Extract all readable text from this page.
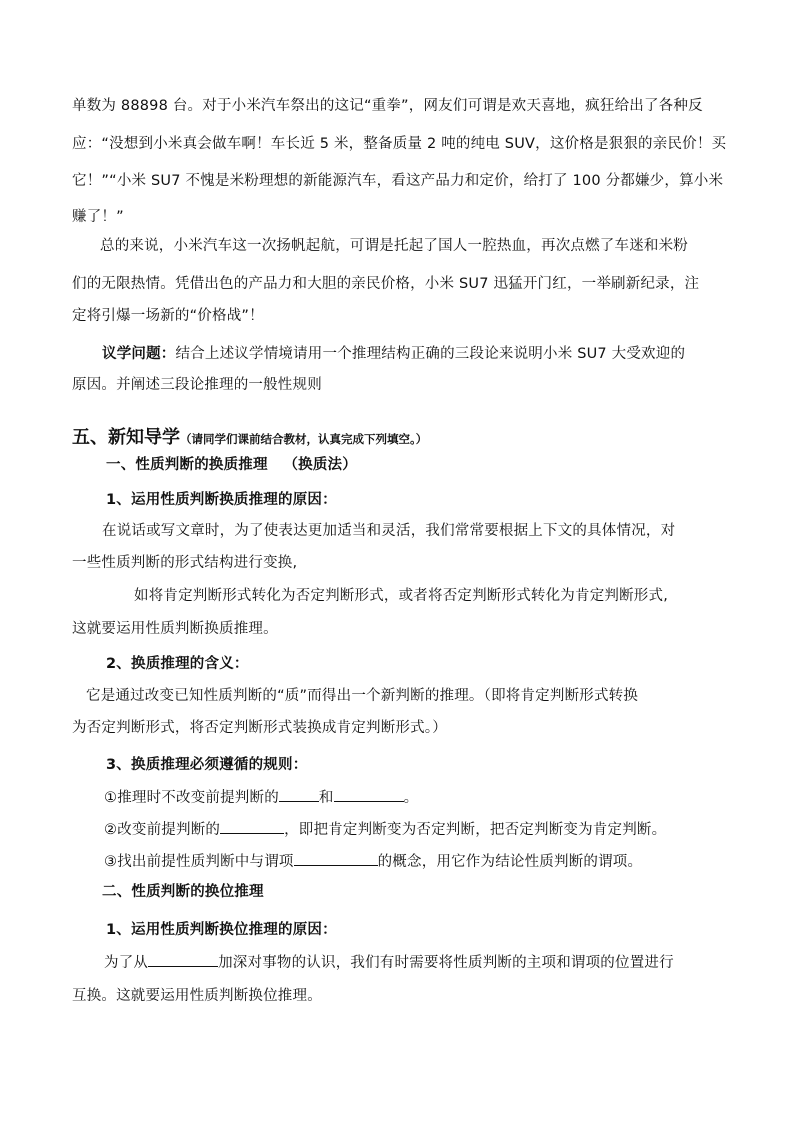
单数为 88898 台。对于小米汽车祭出的这记“重拳”，网友们可谓是欢天喜地，疯狂给出了各种反
应：“没想到小米真会做车啊！车长近 5 米，整备质量 2 吨的纯电 SUV，这价格是狠狠的亲民价！买
它！”“小米 SU7 不愧是米粉理想的新能源汽车，看这产品力和定价，给打了 100 分都嫌少，算小米
赚了！”
总的来说，小米汽车这一次扬帆起航，可谓是托起了国人一腔热血，再次点燃了车迷和米粉
们的无限热情。凭借出色的产品力和大胆的亲民价格，小米 SU7 迅猛开门红，一举刷新纪录，注
定将引爆一场新的“价格战”！
议学问题：结合上述议学情境请用一个推理结构正确的三段论来说明小米 SU7 大受欢迎的
原因。并阐述三段论推理的一般性规则
五、新知导学（请同学们课前结合教材，认真完成下列填空。）
一、性质判断的换质推理 （换质法）
1、运用性质判断换质推理的原因：
在说话或写文章时，为了使表达更加适当和灵活，我们常常要根据上下文的具体情况，对
一些性质判断的形式结构进行变换,
如将肯定判断形式转化为否定判断形式，或者将否定判断形式转化为肯定判断形式,
这就要运用性质判断换质推理。
2、换质推理的含义：
它是通过改变已知性质判断的“质”而得出一个新判断的推理。（即将肯定判断形式转换
为否定判断形式，将否定判断形式装换成肯定判断形式。）
3、换质推理必须遵循的规则：
①推理时不改变前提判断的	和	。
②改变前提判断的	，即把肯定判断变为否定判断，把否定判断变为肯定判断。
③找出前提性质判断中与谓项	的概念，用它作为结论性质判断的谓项。
二、性质判断的换位推理
1、运用性质判断换位推理的原因：
为了从	加深对事物的认识，我们有时需要将性质判断的主项和谓项的位置进行
互换。这就要运用性质判断换位推理。
